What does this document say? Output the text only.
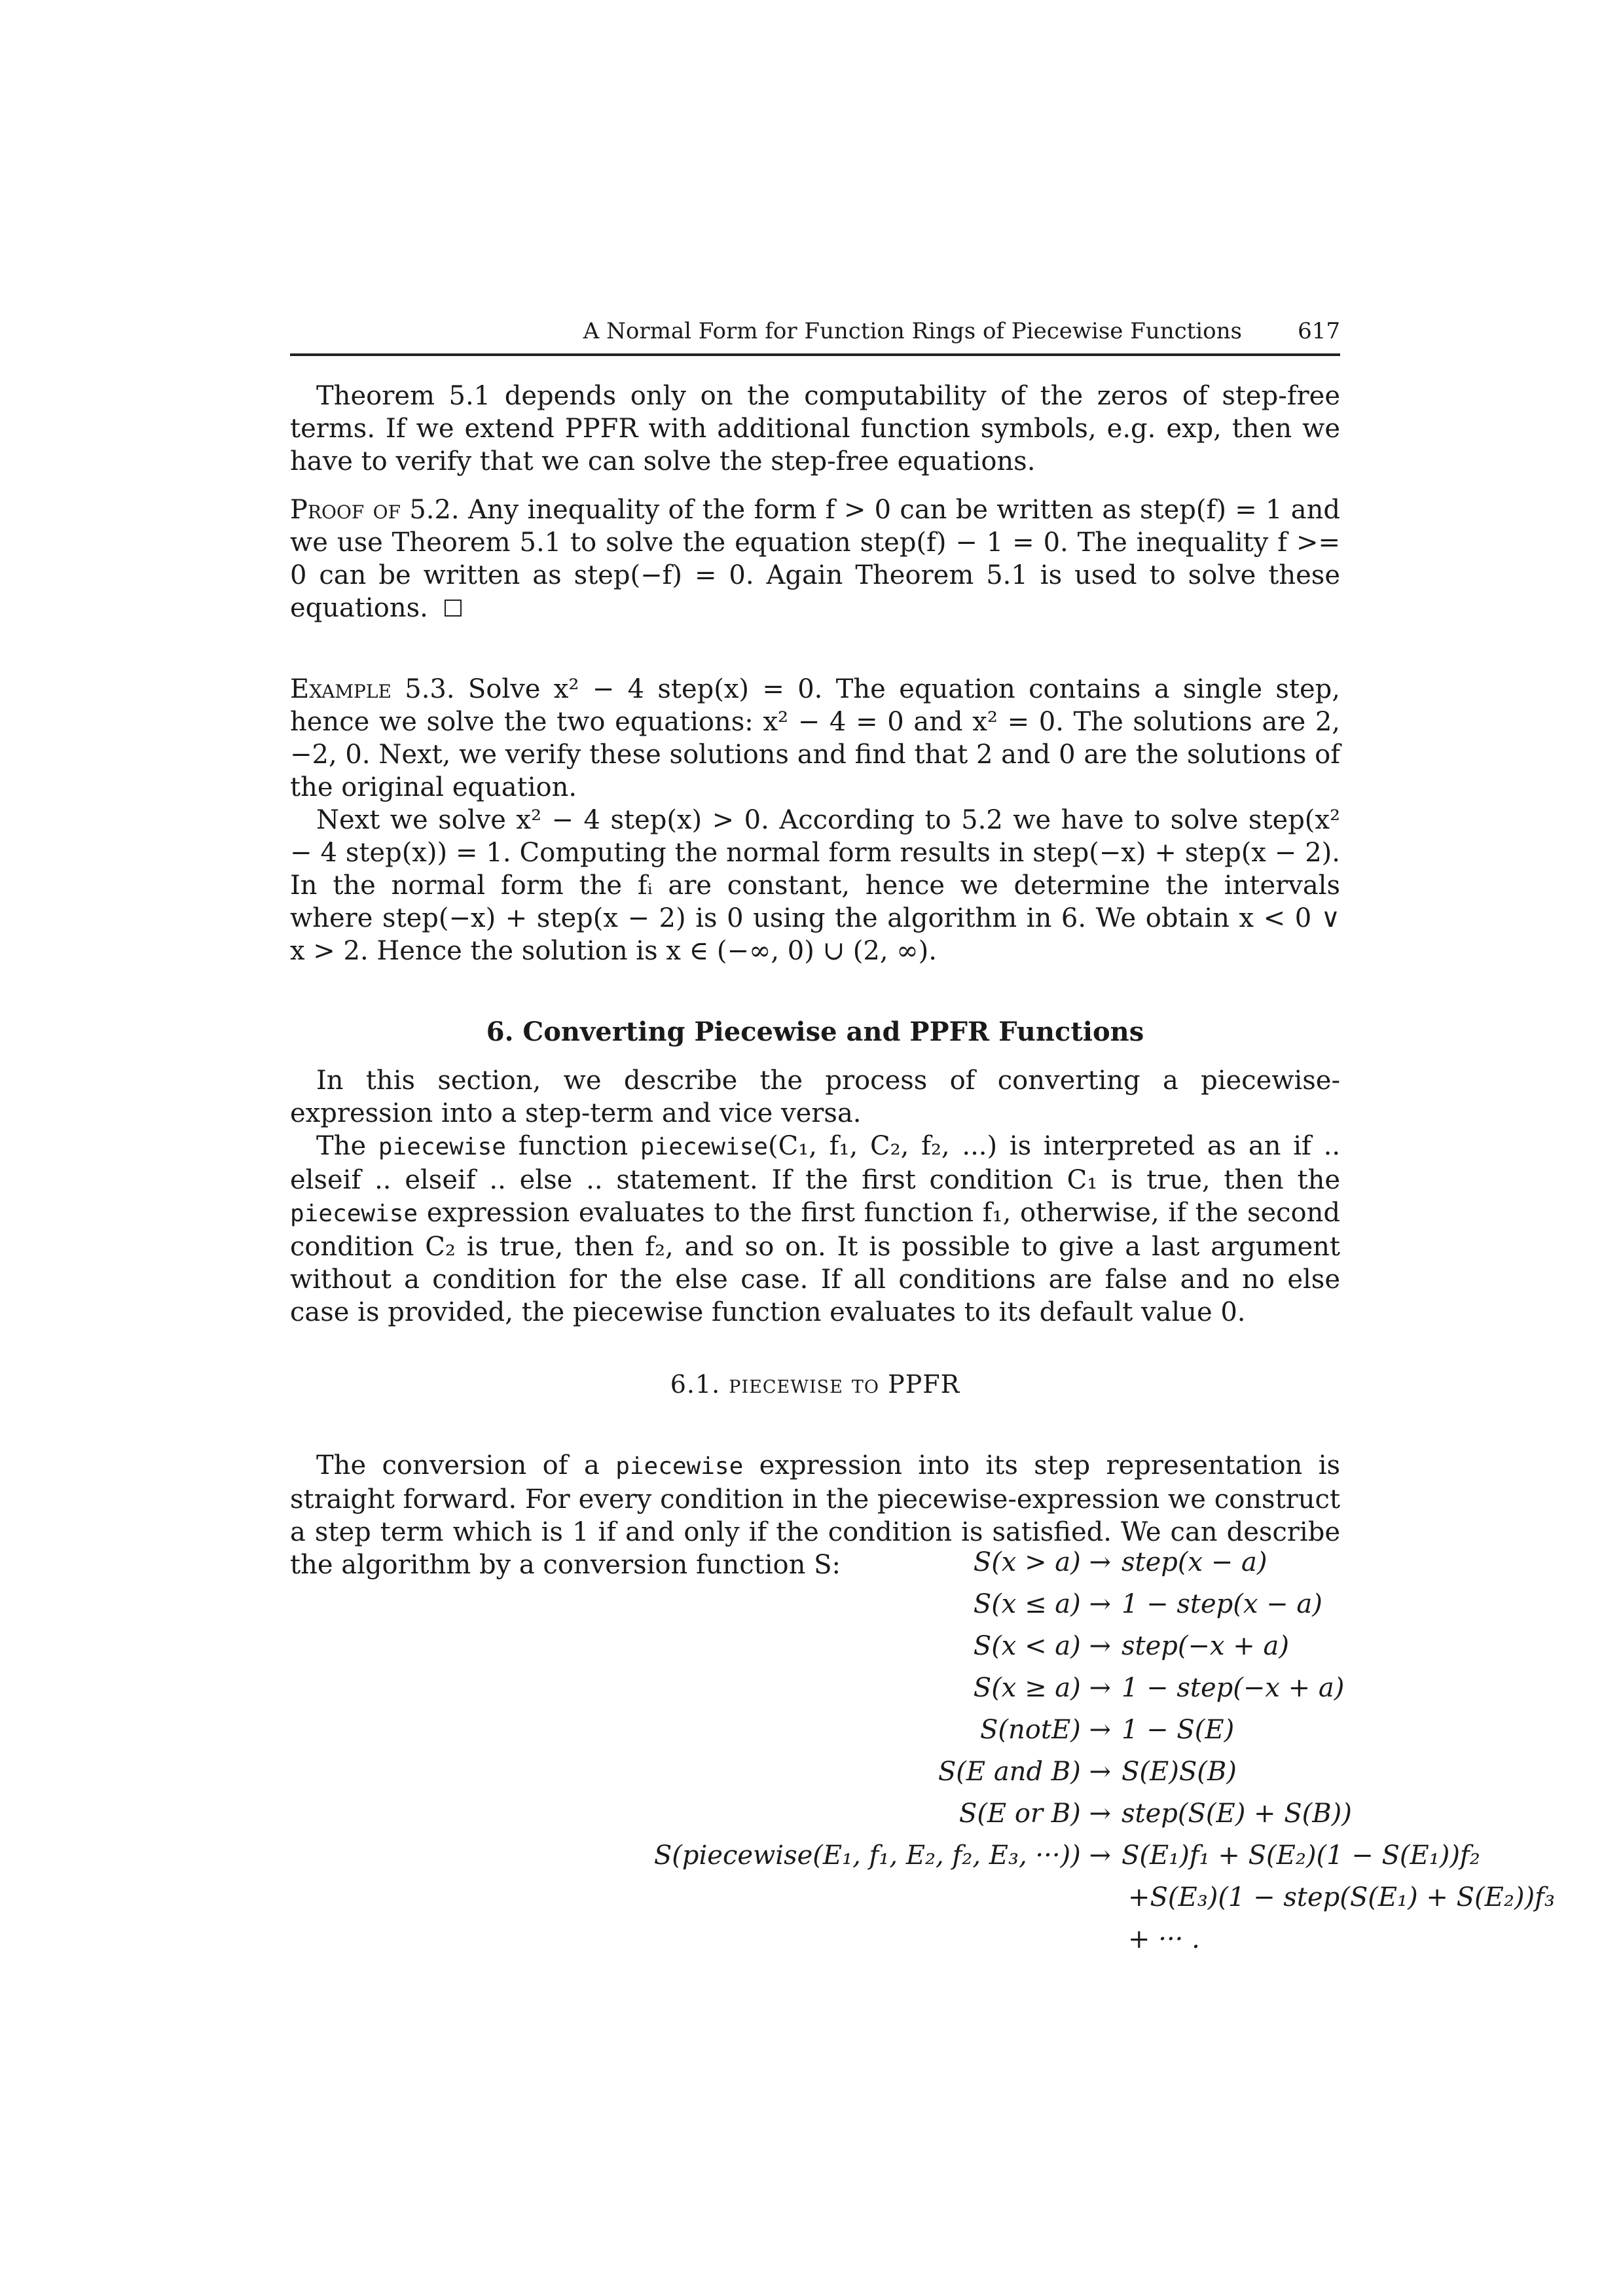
A Normal Form for Function Rings of Piecewise Functions	617

Theorem 5.1 depends only on the computability of the zeros of step-free terms. If we extend PPFR with additional function symbols, e.g. exp, then we have to verify that we can solve the step-free equations.

Proof of 5.2. Any inequality of the form f > 0 can be written as step(f) = 1 and we use Theorem 5.1 to solve the equation step(f) − 1 = 0. The inequality f >= 0 can be written as step(−f) = 0. Again Theorem 5.1 is used to solve these equations.

Example 5.3. Solve x² − 4 step(x) = 0. The equation contains a single step, hence we solve the two equations: x² − 4 = 0 and x² = 0. The solutions are 2, −2, 0. Next, we verify these solutions and find that 2 and 0 are the solutions of the original equation.

Next we solve x² − 4 step(x) > 0. According to 5.2 we have to solve step(x² − 4 step(x)) = 1. Computing the normal form results in step(−x) + step(x − 2). In the normal form the fᵢ are constant, hence we determine the intervals where step(−x) + step(x − 2) is 0 using the algorithm in 6. We obtain x < 0 ∨ x > 2. Hence the solution is x ∈ (−∞, 0) ∪ (2, ∞).

6. Converting Piecewise and PPFR Functions

In this section, we describe the process of converting a piecewise-expression into a step-term and vice versa.

The piecewise function piecewise(C₁, f₁, C₂, f₂, ...) is interpreted as an if .. elseif .. elseif .. else .. statement. If the first condition C₁ is true, then the piecewise expression evaluates to the first function f₁, otherwise, if the second condition C₂ is true, then f₂, and so on. It is possible to give a last argument without a condition for the else case. If all conditions are false and no else case is provided, the piecewise function evaluates to its default value 0.

6.1. piecewise to PPFR

The conversion of a piecewise expression into its step representation is straight forward. For every condition in the piecewise-expression we construct a step term which is 1 if and only if the condition is satisfied. We can describe the algorithm by a conversion function S:	S(x > a) → step(x − a)
S(x ≤ a) → 1 − step(x − a)
S(x < a) → step(−x + a)
S(x ≥ a) → 1 − step(−x + a)
S(notE) → 1 − S(E)
S(E and B) → S(E)S(B)
S(E or B) → step(S(E) + S(B))
S(piecewise(E₁, f₁, E₂, f₂, E₃, ···)) → S(E₁)f₁ + S(E₂)(1 − S(E₁))f₂
+S(E₃)(1 − step(S(E₁) + S(E₂))f₃
+ ··· .
